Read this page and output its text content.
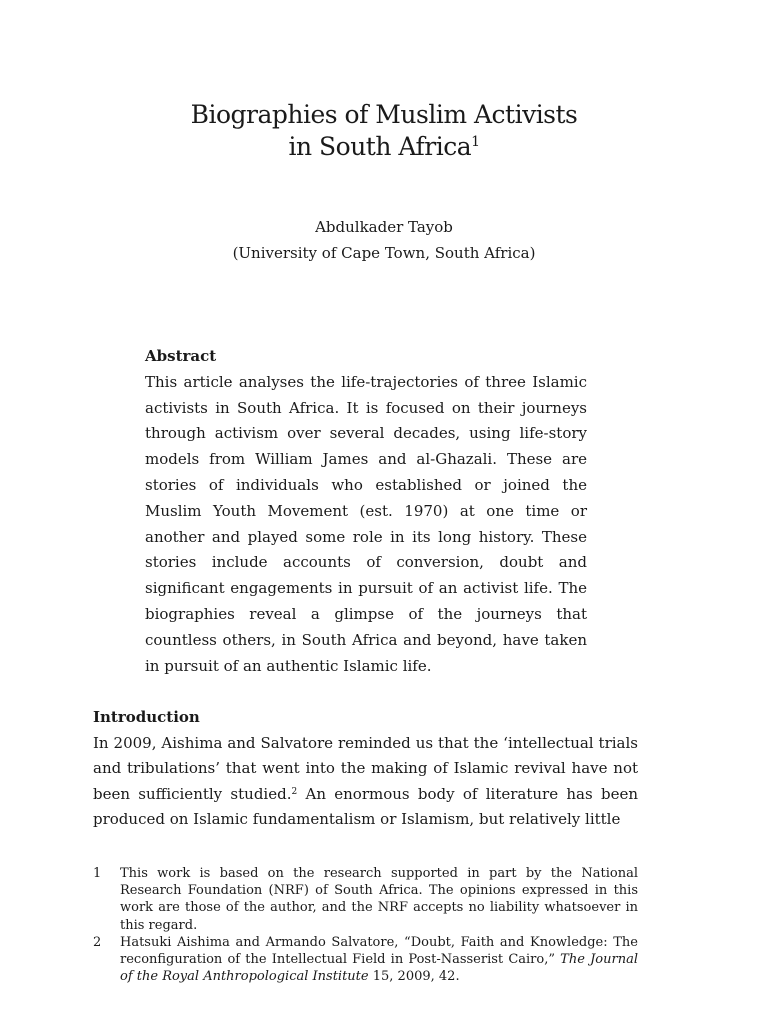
Biographies of Muslim Activists
in South Africa$^1$
Abdulkader Tayob
(University of Cape Town, South Africa)
Abstract
This article analyses the life-trajectories of three Islamic activists in South Africa. It is focused on their journeys through activism over several decades, using life-story models from William James and al-Ghazali. These are stories of individuals who established or joined the Muslim Youth Movement (est. 1970) at one time or another and played some role in its long history. These stories include accounts of conversion, doubt and significant engagements in pursuit of an activist life. The biographies reveal a glimpse of the journeys that countless others, in South Africa and beyond, have taken in pursuit of an authentic Islamic life.
Introduction
In 2009, Aishima and Salvatore reminded us that the ‘intellectual trials and tribulations’ that went into the making of Islamic revival have not been sufficiently studied.$^2$ An enormous body of literature has been produced on Islamic fundamentalism or Islamism, but relatively little
1	This work is based on the research supported in part by the National Research Foundation (NRF) of South Africa. The opinions expressed in this work are those of the author, and the NRF accepts no liability whatsoever in this regard.
2	Hatsuki Aishima and Armando Salvatore, “Doubt, Faith and Knowledge: The reconfiguration of the Intellectual Field in Post-Nasserist Cairo,” The Journal of the Royal Anthropological Institute 15, 2009, 42.
